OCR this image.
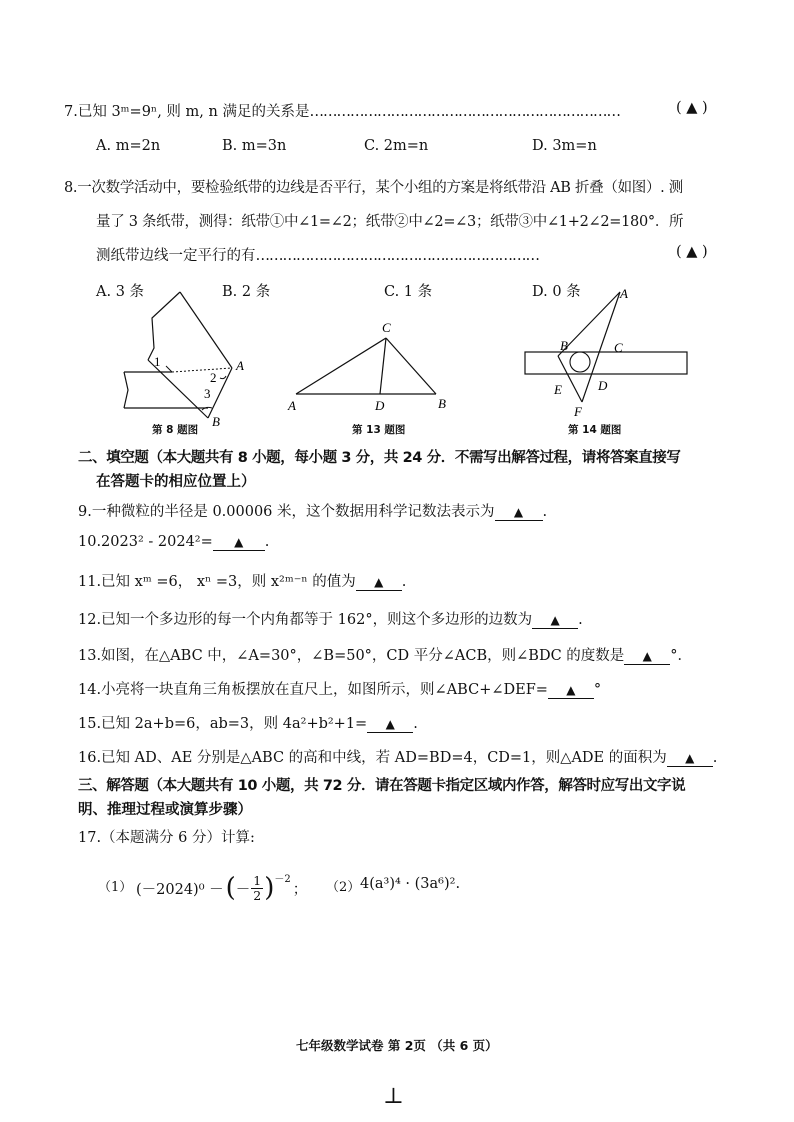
7.已知 3ᵐ=9ⁿ, 则 m, n 满足的关系是……………………………………………………………	( ▲ )
A. m=2n	B. m=3n	C. 2m=n	D. 3m=n
8.一次数学活动中，要检验纸带的边线是否平行，某个小组的方案是将纸带沿 AB 折叠（如图）. 测
量了 3 条纸带，测得：纸带①中∠1=∠2；纸带②中∠2=∠3；纸带③中∠1+2∠2=180°．所
测纸带边线一定平行的有………………………………………………………	( ▲ )
A. 3 条	B. 2 条	C. 1 条	D. 0 条
1
2
3
A
B
第 8 题图
C
A	D	B
第 13 题图
A
B	C
E	D
F
第 14 题图
二、填空题（本大题共有 8 小题，每小题 3 分，共 24 分．不需写出解答过程，请将答案直接写
在答题卡的相应位置上）
9.一种微粒的半径是 0.00006 米，这个数据用科学记数法表示为 ▲ .
10.2023² - 2024²= ▲ .
11.已知 xᵐ =6， xⁿ =3，则 x²ᵐ⁻ⁿ 的值为 ▲ .
12.已知一个多边形的每一个内角都等于 162°，则这个多边形的边数为 ▲ .
13.如图，在△ABC 中，∠A=30°，∠B=50°，CD 平分∠ACB，则∠BDC 的度数是 ▲ °．
14.小亮将一块直角三角板摆放在直尺上，如图所示，则∠ABC+∠DEF= ▲ °
15.已知 2a+b=6，ab=3，则 4a²+b²+1= ▲ .
16.已知 AD、AE 分别是△ABC 的高和中线，若 AD=BD=4，CD=1，则△ADE 的面积为 ▲ .
三、解答题（本大题共有 10 小题，共 72 分．请在答题卡指定区域内作答，解答时应写出文字说
明、推理过程或演算步骤）
17.（本题满分 6 分）计算:
（1） (－2024)⁰ － ( －
1
2 )$^{-2}$
； （2） 4(a³)⁴ · (3a⁶)².
七年级数学试卷 第 2页 （共 6 页）
⊥
